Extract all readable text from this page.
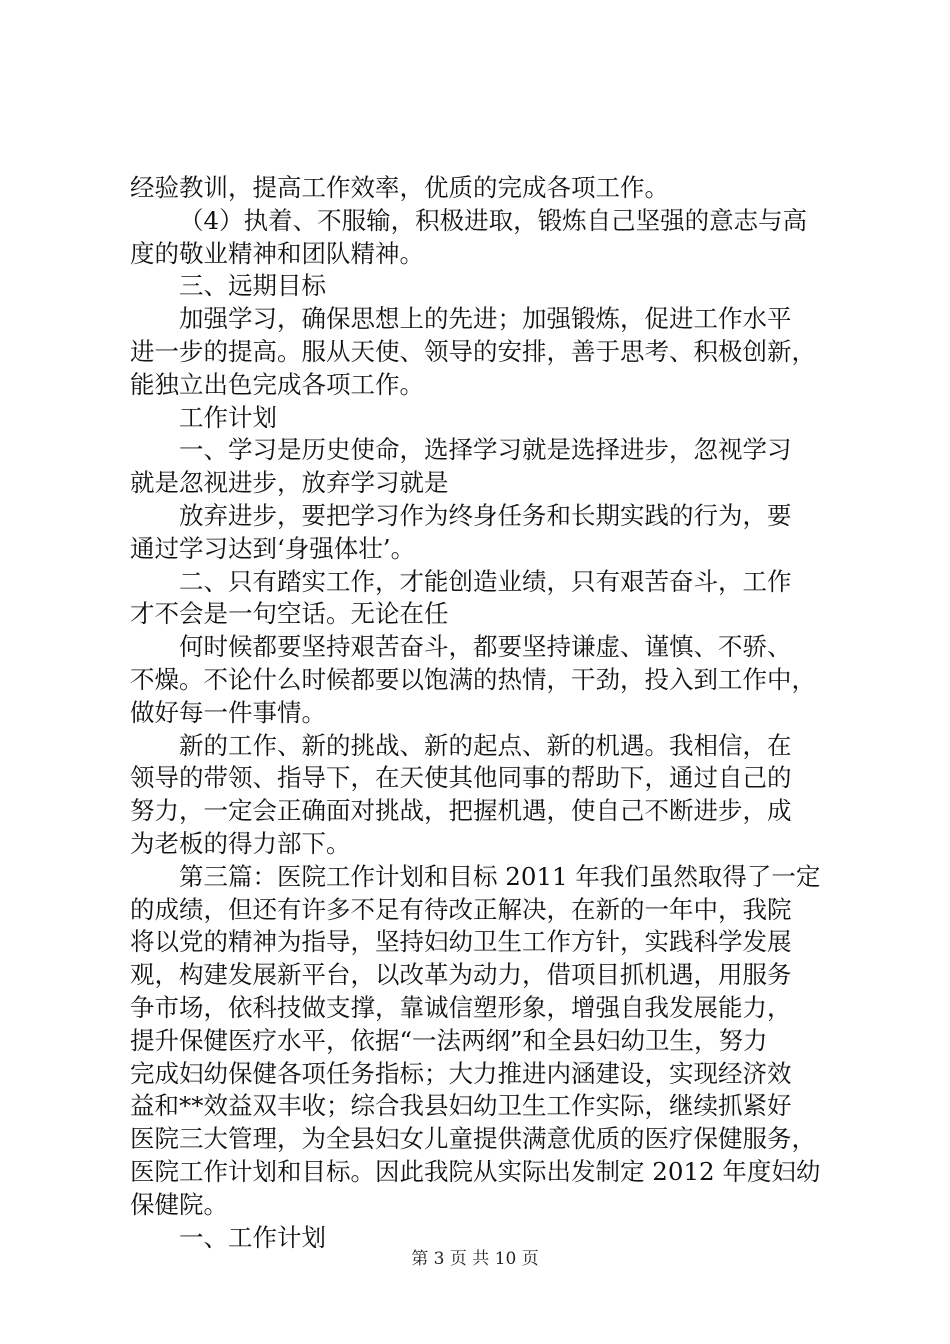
经验教训，提高工作效率，优质的完成各项工作。
（4）执着、不服输，积极进取，锻炼自己坚强的意志与高
度的敬业精神和团队精神。
三、远期目标
加强学习，确保思想上的先进；加强锻炼，促进工作水平
进一步的提高。服从天使、领导的安排，善于思考、积极创新，
能独立出色完成各项工作。
工作计划
一、学习是历史使命，选择学习就是选择进步，忽视学习
就是忽视进步，放弃学习就是
放弃进步，要把学习作为终身任务和长期实践的行为，要
通过学习达到‘身强体壮’。
二、只有踏实工作，才能创造业绩，只有艰苦奋斗，工作
才不会是一句空话。无论在任
何时候都要坚持艰苦奋斗，都要坚持谦虚、谨慎、不骄、
不燥。不论什么时候都要以饱满的热情，干劲，投入到工作中，
做好每一件事情。
新的工作、新的挑战、新的起点、新的机遇。我相信，在
领导的带领、指导下，在天使其他同事的帮助下，通过自己的
努力，一定会正确面对挑战，把握机遇，使自己不断进步，成
为老板的得力部下。
第三篇：医院工作计划和目标 2011 年我们虽然取得了一定
的成绩，但还有许多不足有待改正解决，在新的一年中，我院
将以党的精神为指导，坚持妇幼卫生工作方针，实践科学发展
观，构建发展新平台，以改革为动力，借项目抓机遇，用服务
争市场，依科技做支撑，靠诚信塑形象，增强自我发展能力，
提升保健医疗水平，依据“一法两纲”和全县妇幼卫生，努力
完成妇幼保健各项任务指标；大力推进内涵建设，实现经济效
益和**效益双丰收；综合我县妇幼卫生工作实际，继续抓紧好
医院三大管理，为全县妇女儿童提供满意优质的医疗保健服务，
医院工作计划和目标。因此我院从实际出发制定 2012 年度妇幼
保健院。
一、工作计划
第 3 页 共 10 页
